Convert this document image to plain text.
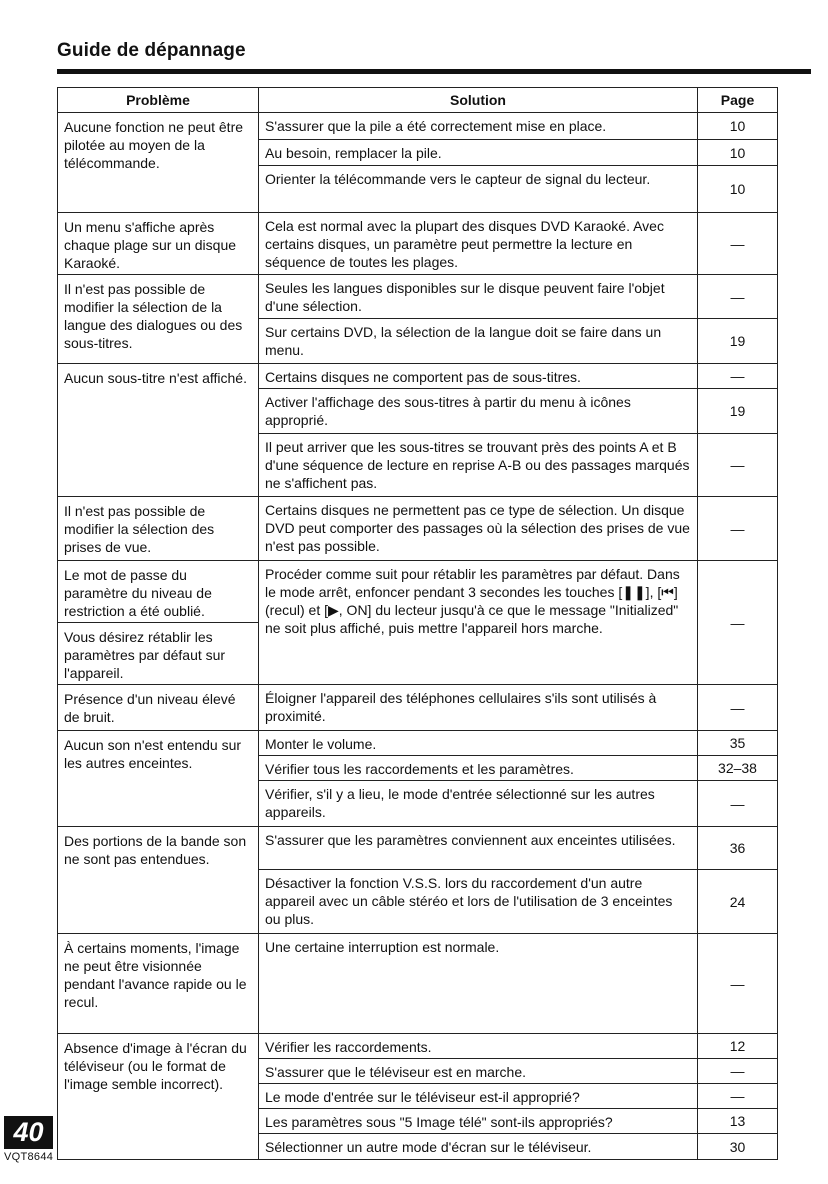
Guide de dépannage
Problème	Solution	Page
Aucune fonction ne peut être pilotée au moyen de la télécommande.	S'assurer que la pile a été correctement mise en place.	10
	Au besoin, remplacer la pile.	10
	Orienter la télécommande vers le capteur de signal du lecteur.	10
Un menu s'affiche après chaque plage sur un disque Karaoké.	Cela est normal avec la plupart des disques DVD Karaoké. Avec certains disques, un paramètre peut permettre la lecture en séquence de toutes les plages.	—
Il n'est pas possible de modifier la sélection de la langue des dialogues ou des sous-titres.	Seules les langues disponibles sur le disque peuvent faire l'objet d'une sélection.	—
	Sur certains DVD, la sélection de la langue doit se faire dans un menu.	19
Aucun sous-titre n'est affiché.	Certains disques ne comportent pas de sous-titres.	—
	Activer l'affichage des sous-titres à partir du menu à icônes approprié.	19
	Il peut arriver que les sous-titres se trouvant près des points A et B d'une séquence de lecture en reprise A-B ou des passages marqués ne s'affichent pas.	—
Il n'est pas possible de modifier la sélection des prises de vue.	Certains disques ne permettent pas ce type de sélection. Un disque DVD peut comporter des passages où la sélection des prises de vue n'est pas possible.	—
Le mot de passe du paramètre du niveau de restriction a été oublié.	Procéder comme suit pour rétablir les paramètres par défaut. Dans le mode arrêt, enfoncer pendant 3 secondes les touches [❚❚], [⏮] (recul) et [▶, ON] du lecteur jusqu'à ce que le message "Initialized" ne soit plus affiché, puis mettre l'appareil hors marche.	—
Vous désirez rétablir les paramètres par défaut sur l'appareil.		
Présence d'un niveau élevé de bruit.	Éloigner l'appareil des téléphones cellulaires s'ils sont utilisés à proximité.	—
Aucun son n'est entendu sur les autres enceintes.	Monter le volume.	35
	Vérifier tous les raccordements et les paramètres.	32–38
	Vérifier, s'il y a lieu, le mode d'entrée sélectionné sur les autres appareils.	—
Des portions de la bande son ne sont pas entendues.	S'assurer que les paramètres conviennent aux enceintes utilisées.	36
	Désactiver la fonction V.S.S. lors du raccordement d'un autre appareil avec un câble stéréo et lors de l'utilisation de 3 enceintes ou plus.	24
À certains moments, l'image ne peut être visionnée pendant l'avance rapide ou le recul.	Une certaine interruption est normale.	—
Absence d'image à l'écran du téléviseur (ou le format de l'image semble incorrect).	Vérifier les raccordements.	12
	S'assurer que le téléviseur est en marche.	—
	Le mode d'entrée sur le téléviseur est-il approprié?	—
	Les paramètres sous "5 Image télé" sont-ils appropriés?	13
	Sélectionner un autre mode d'écran sur le téléviseur.	30
40
VQT8644
